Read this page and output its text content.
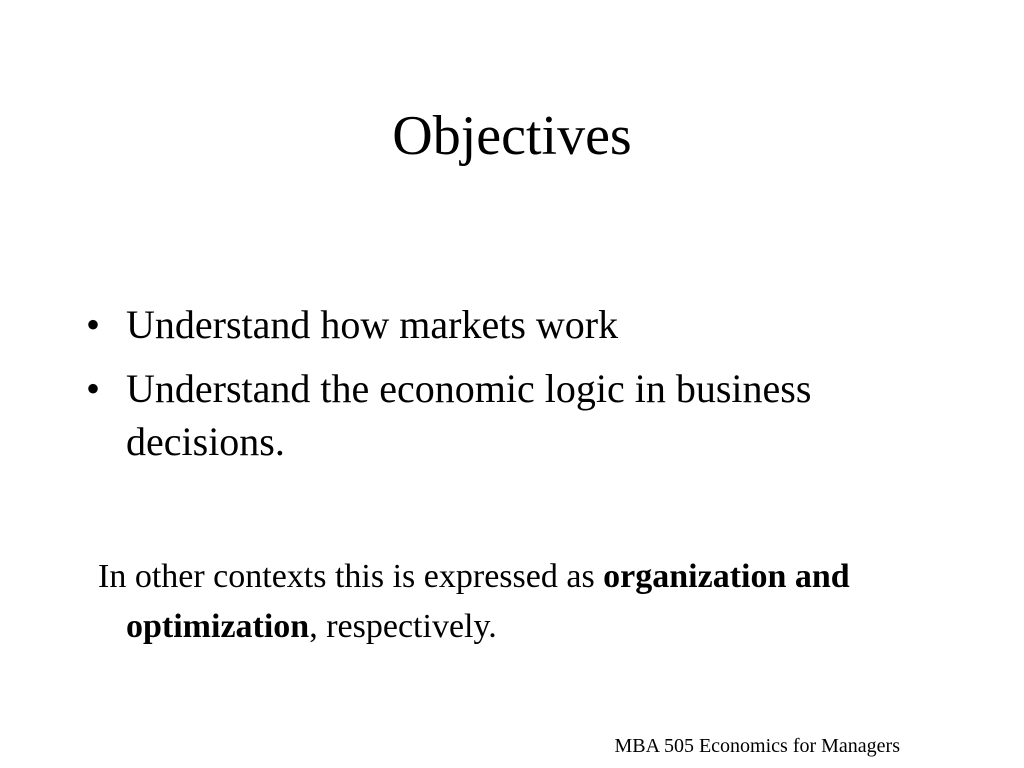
Objectives
• Understand how markets work
• Understand the economic logic in business decisions.

In other contexts this is expressed as organization and optimization, respectively.

MBA 505 Economics for Managers
